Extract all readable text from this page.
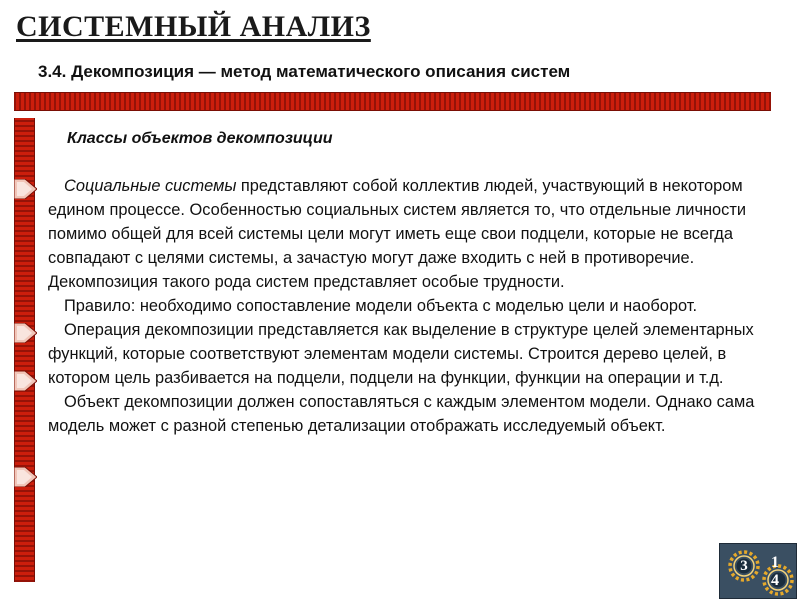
СИСТЕМНЫЙ АНАЛИЗ
3.4. Декомпозиция — метод математического описания систем
Классы объектов декомпозиции

Социальные системы представляют собой коллектив людей, участвующий в некотором едином процессе. Особенностью социальных систем является то, что отдельные личности помимо общей для всей системы цели могут иметь еще свои подцели, которые не всегда совпадают с целями системы, а зачастую могут даже входить с ней в противоречие. Декомпозиция такого рода систем представляет особые трудности.

Правило: необходимо сопоставление модели объекта с моделью цели и наоборот.

Операция декомпозиции представляется как выделение в структуре целей элементарных функций, которые соответствуют элементам модели системы. Строится дерево целей, в котором цель разбивается на подцели, подцели на функции, функции на операции и т.д.

Объект декомпозиции должен сопоставляться с каждым элементом модели. Однако сама модель может с разной степенью детализации отображать исследуемый объект.

3	14
